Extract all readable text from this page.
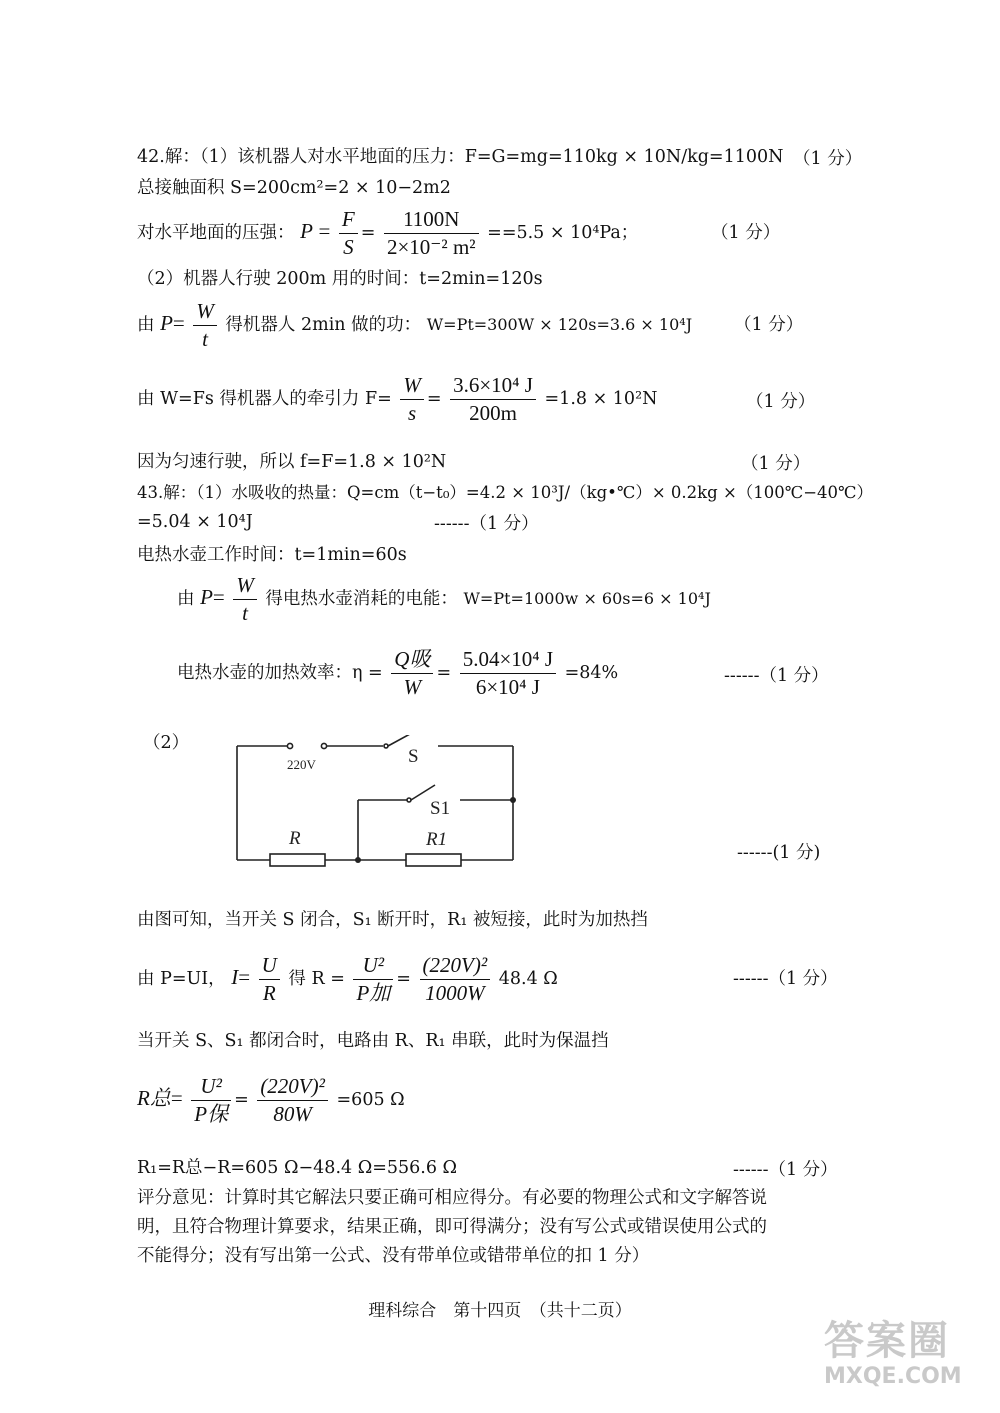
42.解：（1）该机器人对水平地面的压力：F=G=mg=110kg × 10N/kg=1100N （1 分）
总接触面积 S=200cm²=2 × 10−2m2
对水平地面的压强： $P = \frac{F}{S} = \frac{1100N}{\text{2×10⁻² m²}} ==5.5 \times 10^4Pa$；	（1 分）
（2）机器人行驶 200m 用的时间：t=2min=120s
由 $P= \frac{W}{t}$ 得机器人 2min 做的功： W=Pt=300W × 120s=3.6 × 10⁴J （1 分）
由 W=Fs 得机器人的牵引力 $F= \frac{W}{s} = \frac{\text{3.6×10⁴ J}}{200m} =1.8 \times 10^2N$	（1 分）
因为匀速行驶，所以 f=F=1.8 × 10²N	（1 分）
43.解：（1）水吸收的热量：Q=cm（t−t₀）=4.2 × 10³J/（kg•℃）× 0.2kg ×（100℃−40℃）
=5.04 × 10⁴J	------（1 分）
电热水壶工作时间：t=1min=60s
由 $P= \frac{W}{t}$ 得电热水壶消耗的电能： W=Pt=1000w × 60s=6 × 10⁴J
电热水壶的加热效率：$\eta = \frac{\text{Q吸}}{W} = \frac{\text{5.04×10⁴ J}}{\text{6×10⁴ J}} =84\%$	------（1 分）
（2）
220V	S
S1
R	R1
------(1 分)
由图可知，当开关 S 闭合，S₁ 断开时，R₁ 被短接，此时为加热挡
由 P=UI， $I= \frac{U}{R}$ 得 $R = \frac{\text{U²}}{\text{P加}} = \frac{\text{(220V)²}}{1000W} 48.4$ Ω	------（1 分）
当开关 S、S₁ 都闭合时，电路由 R、R₁ 串联，此时为保温挡
R总= $\frac{\text{U²}}{\text{P保}} = \frac{\text{(220V)²}}{80W} =605$ Ω
R₁=R总−R=605 Ω−48.4 Ω=556.6 Ω	------（1 分）
评分意见：计算时其它解法只要正确可相应得分。有必要的物理公式和文字解答说
明，且符合物理计算要求，结果正确，即可得满分；没有写公式或错误使用公式的
不能得分；没有写出第一公式、没有带单位或错带单位的扣 1 分）
理科综合　第十四页　（共十二页）
答案圈
MXQE.COM
